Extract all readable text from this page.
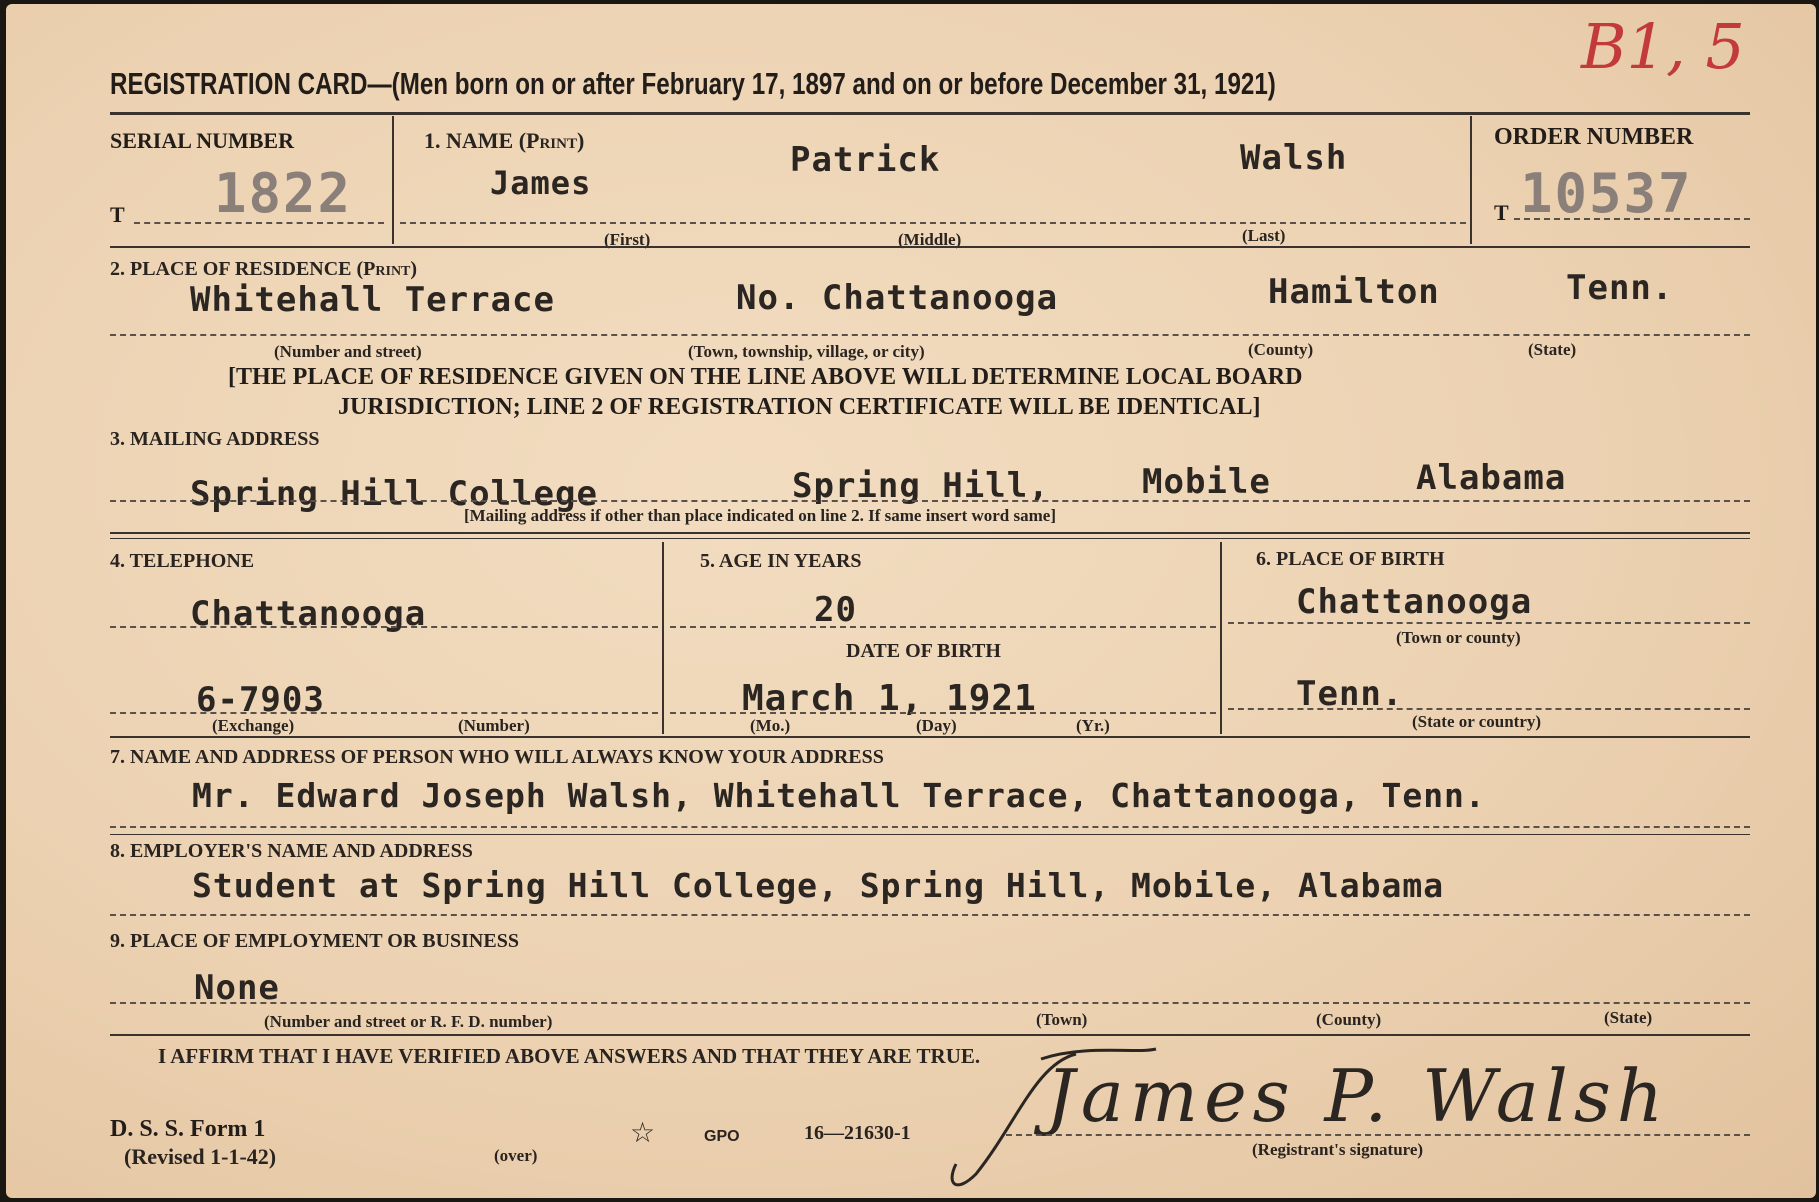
REGISTRATION CARD—(Men born on or after February 17, 1897 and on or before December 31, 1921)
B1, 5
SERIAL NUMBER
T 1822
1. NAME (Print)
James
Patrick	Walsh
(First)	(Middle)	(Last)
ORDER NUMBER
T 10537
2. PLACE OF RESIDENCE (Print)
Whitehall Terrace	No. Chattanooga	Hamilton	Tenn.
(Number and street)	(Town, township, village, or city)	(County)	(State)
[THE PLACE OF RESIDENCE GIVEN ON THE LINE ABOVE WILL DETERMINE LOCAL BOARD
JURISDICTION; LINE 2 OF REGISTRATION CERTIFICATE WILL BE IDENTICAL]
3. MAILING ADDRESS
Spring Hill College	Spring Hill,	Mobile	Alabama
[Mailing address if other than place indicated on line 2. If same insert word same]
4. TELEPHONE
Chattanooga
6-7903
(Exchange)	(Number)
5. AGE IN YEARS
20
DATE OF BIRTH
March 1, 1921
(Mo.)	(Day)	(Yr.)
6. PLACE OF BIRTH
Chattanooga
(Town or county)
Tenn.
(State or country)
7. NAME AND ADDRESS OF PERSON WHO WILL ALWAYS KNOW YOUR ADDRESS
Mr. Edward Joseph Walsh, Whitehall Terrace, Chattanooga, Tenn.
8. EMPLOYER'S NAME AND ADDRESS
Student at Spring Hill College, Spring Hill, Mobile, Alabama
9. PLACE OF EMPLOYMENT OR BUSINESS
None
(Number and street or R. F. D. number)	(Town)	(County)	(State)
I AFFIRM THAT I HAVE VERIFIED ABOVE ANSWERS AND THAT THEY ARE TRUE. James P. Walsh
(Registrant's signature)
D. S. S. Form 1
(Revised 1-1-42)	(over)
☆	GPO	16—21630-1
